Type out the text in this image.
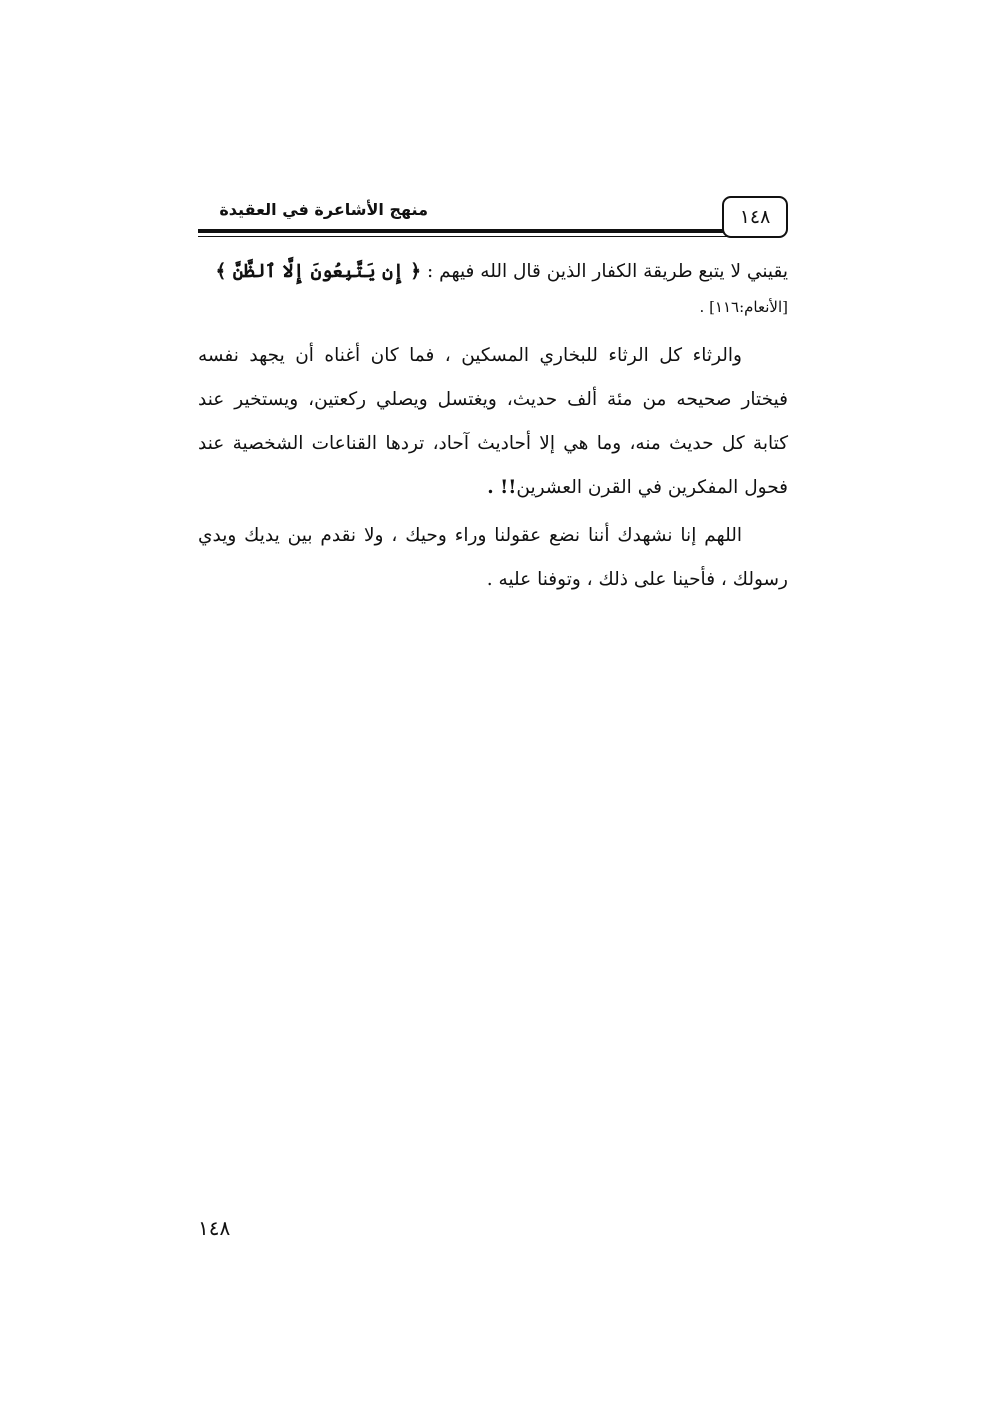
منهج الأشاعرة في العقيدة	١٤٨

يقيني لا يتبع طريقة الكفار الذين قال الله فيهم : ﴿ إِن يَتَّبِعُونَ إِلَّا ٱلظَّنَّ ﴾

[الأنعام:١١٦] .

والرثاء كل الرثاء للبخاري المسكين ، فما كان أغناه أن يجهد نفسه فيختار صحيحه من مئة ألف حديث، ويغتسل ويصلي ركعتين، ويستخير عند كتابة كل حديث منه، وما هي إلا أحاديث آحاد، تردها القناعات الشخصية عند فحول المفكرين في القرن العشرين!! .

اللهم إنا نشهدك أننا نضع عقولنا وراء وحيك ، ولا نقدم بين يديك ويدي رسولك ، فأحينا على ذلك ، وتوفنا عليه .

١٤٨
